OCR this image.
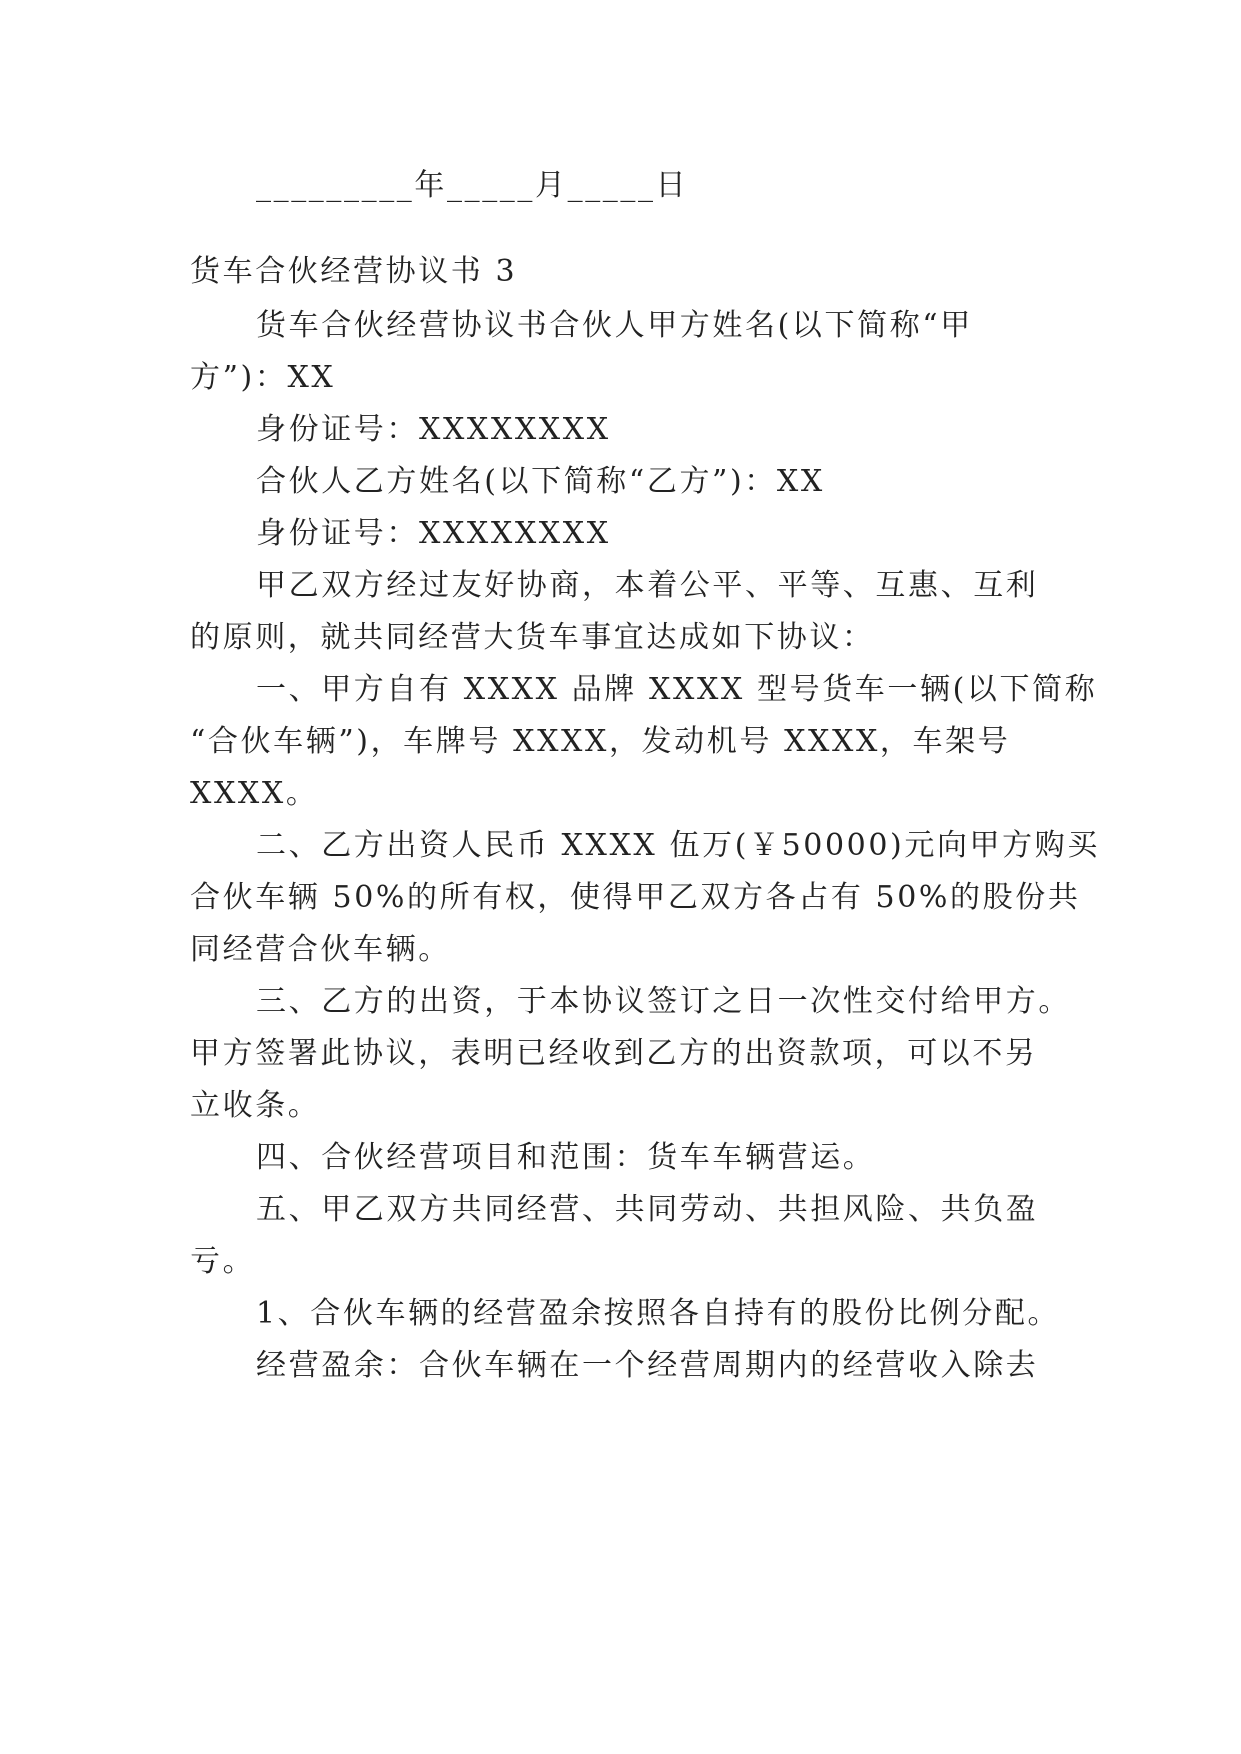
_________年_____月_____日
货车合伙经营协议书 3
货车合伙经营协议书合伙人甲方姓名(以下简称“甲
方”)：XX
身份证号：XXXXXXXX
合伙人乙方姓名(以下简称“乙方”)：XX
身份证号：XXXXXXXX
甲乙双方经过友好协商，本着公平、平等、互惠、互利
的原则，就共同经营大货车事宜达成如下协议：
一、甲方自有 XXXX 品牌 XXXX 型号货车一辆(以下简称
“合伙车辆”)，车牌号 XXXX，发动机号 XXXX，车架号
XXXX。
二、乙方出资人民币 XXXX 伍万(￥50000)元向甲方购买
合伙车辆 50%的所有权，使得甲乙双方各占有 50%的股份共
同经营合伙车辆。
三、乙方的出资，于本协议签订之日一次性交付给甲方。
甲方签署此协议，表明已经收到乙方的出资款项，可以不另
立收条。
四、合伙经营项目和范围：货车车辆营运。
五、甲乙双方共同经营、共同劳动、共担风险、共负盈
亏。
1、合伙车辆的经营盈余按照各自持有的股份比例分配。
经营盈余：合伙车辆在一个经营周期内的经营收入除去
